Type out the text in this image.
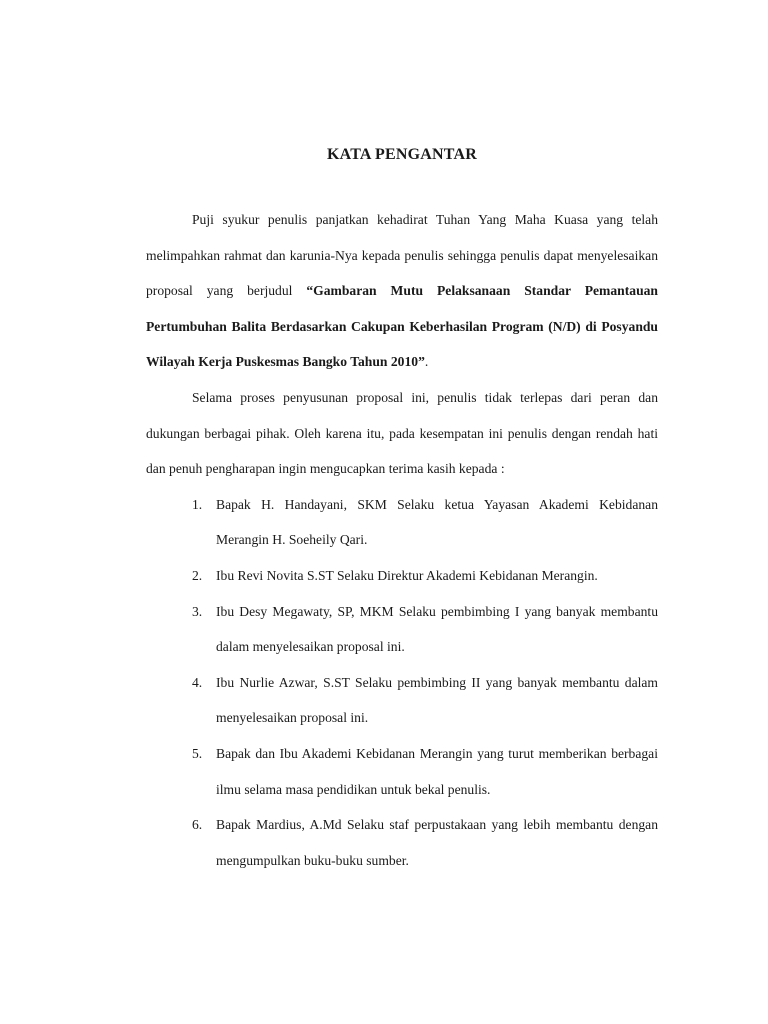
KATA PENGANTAR

Puji syukur penulis panjatkan kehadirat Tuhan Yang Maha Kuasa yang telah melimpahkan rahmat dan karunia-Nya kepada penulis sehingga penulis dapat menyelesaikan proposal yang berjudul “Gambaran Mutu Pelaksanaan Standar Pemantauan Pertumbuhan Balita Berdasarkan Cakupan Keberhasilan Program (N/D) di Posyandu Wilayah Kerja Puskesmas Bangko Tahun 2010”.

Selama proses penyusunan proposal ini, penulis tidak terlepas dari peran dan dukungan berbagai pihak. Oleh karena itu, pada kesempatan ini penulis dengan rendah hati dan penuh pengharapan ingin mengucapkan terima kasih kepada :

1. Bapak H. Handayani, SKM Selaku ketua Yayasan Akademi Kebidanan Merangin H. Soeheily Qari.
2. Ibu Revi Novita S.ST Selaku Direktur Akademi Kebidanan Merangin.
3. Ibu Desy Megawaty, SP, MKM Selaku pembimbing I yang banyak membantu dalam menyelesaikan proposal ini.
4. Ibu Nurlie Azwar, S.ST Selaku pembimbing II yang banyak membantu dalam menyelesaikan proposal ini.
5. Bapak dan Ibu Akademi Kebidanan Merangin yang turut memberikan berbagai ilmu selama masa pendidikan untuk bekal penulis.
6. Bapak Mardius, A.Md Selaku staf perpustakaan yang lebih membantu dengan mengumpulkan buku-buku sumber.
